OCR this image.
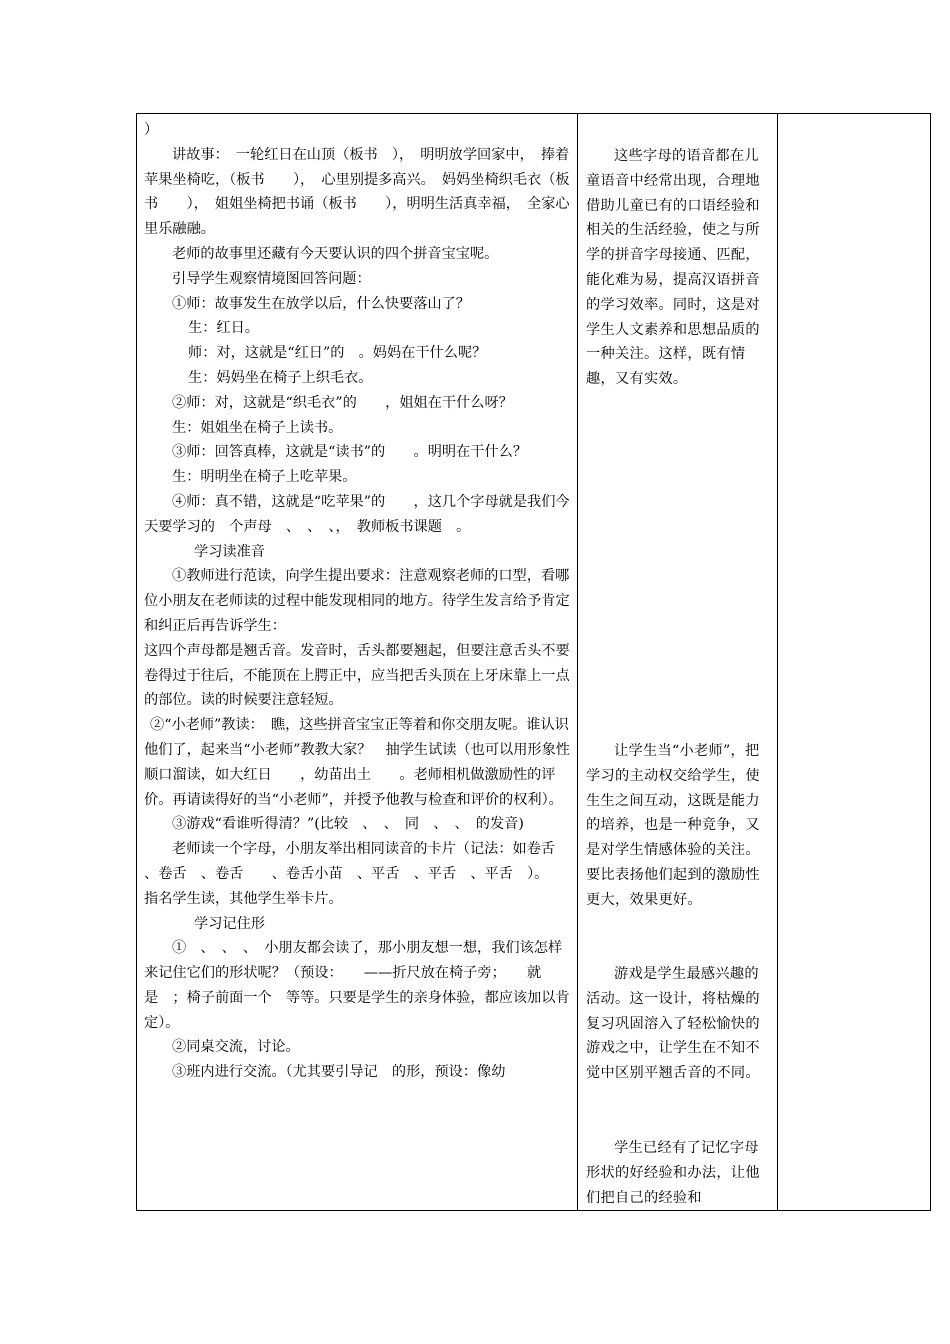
）

讲故事：　一轮红日在山顶（板书　），　明明放学回家中，　捧着苹果坐椅吃，（板书　　），　心里别提多高兴。　妈妈坐椅织毛衣（板书　　），　姐姐坐椅把书诵（板书　　），明明生活真幸福，　全家心里乐融融。

老师的故事里还藏有今天要认识的四个拼音宝宝呢。

引导学生观察情境图回答问题：

①师：故事发生在放学以后，什么快要落山了？

生：红日。

师：对，这就是“红日”的　。妈妈在干什么呢？

生：妈妈坐在椅子上织毛衣。

②师：对，这就是“织毛衣”的　　，姐姐在干什么呀？

生：姐姐坐在椅子上读书。

③师：回答真棒，这就是“读书”的　　。明明在干什么？

生：明明坐在椅子上吃苹果。

④师：真不错，这就是“吃苹果”的　　，这几个字母就是我们今天要学习的　个声母　、　、　、，　教师板书课题　。

学习读准音

①教师进行范读，向学生提出要求：注意观察老师的口型，看哪位小朋友在老师读的过程中能发现相同的地方。待学生发言给予肯定和纠正后再告诉学生：

这四个声母都是翘舌音。发音时，舌头都要翘起，但要注意舌头不要卷得过于往后，不能顶在上腭正中，应当把舌头顶在上牙床靠上一点的部位。读的时候要注意轻短。

②“小老师”教读：　瞧，这些拼音宝宝正等着和你交朋友呢。谁认识他们了，起来当“小老师”教教大家？　抽学生试读（也可以用形象性顺口溜读，如大红日　　，幼苗出土　　。老师相机做激励性的评价。再请读得好的当“小老师”，并授予他教与检查和评价的权利）。

③游戏“看谁听得清？”(比较　、　、　同　、　、　的发音)

老师读一个字母，小朋友举出相同读音的卡片（记法：如卷舌　　、卷舌　、卷舌　　、卷舌小苗　、平舌　、平舌　、平舌　）。

指名学生读，其他学生举卡片。

学习记住形

①　、　、　、　小朋友都会读了，那小朋友想一想，我们该怎样来记住它们的形状呢？（预设：　　——折尺放在椅子旁；　　就是　；椅子前面一个　等等。只要是学生的亲身体验，都应该加以肯定）。

②同桌交流，讨论。

③班内进行交流。（尤其要引导记　的形，预设：像幼

这些字母的语音都在儿童语音中经常出现，合理地借助儿童已有的口语经验和相关的生活经验，使之与所学的拼音字母接通、匹配，能化难为易，提高汉语拼音的学习效率。同时，这是对学生人文素养和思想品质的一种关注。这样，既有情趣，又有实效。

让学生当“小老师”，把学习的主动权交给学生，使生生之间互动，这既是能力的培养，也是一种竞争，又是对学生情感体验的关注。要比表扬他们起到的激励性更大，效果更好。

游戏是学生最感兴趣的活动。这一设计，将枯燥的复习巩固溶入了轻松愉快的游戏之中，让学生在不知不觉中区别平翘舌音的不同。

学生已经有了记忆字母形状的好经验和办法，让他们把自己的经验和
